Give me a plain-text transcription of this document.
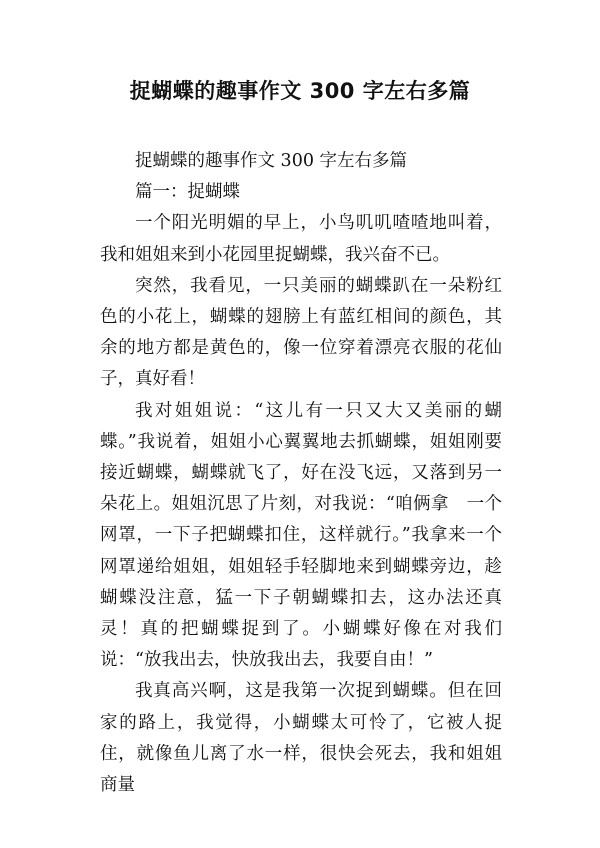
捉蝴蝶的趣事作文 300 字左右多篇

捉蝴蝶的趣事作文 300 字左右多篇

篇一：捉蝴蝶

一个阳光明媚的早上，小鸟叽叽喳喳地叫着，我和姐姐来到小花园里捉蝴蝶，我兴奋不已。

突然，我看见，一只美丽的蝴蝶趴在一朵粉红色的小花上，蝴蝶的翅膀上有蓝红相间的颜色，其余的地方都是黄色的，像一位穿着漂亮衣服的花仙子，真好看！

我对姐姐说：“这儿有一只又大又美丽的蝴蝶。”我说着，姐姐小心翼翼地去抓蝴蝶，姐姐刚要接近蝴蝶，蝴蝶就飞了，好在没飞远，又落到另一朵花上。姐姐沉思了片刻，对我说：“咱俩拿　一个网罩，一下子把蝴蝶扣住，这样就行。”我拿来一个网罩递给姐姐，姐姐轻手轻脚地来到蝴蝶旁边，趁蝴蝶没注意，猛一下子朝蝴蝶扣去，这办法还真灵！真的把蝴蝶捉到了。小蝴蝶好像在对我们 说：“放我出去，快放我出去，我要自由！”

我真高兴啊，这是我第一次捉到蝴蝶。但在回家的路上，我觉得，小蝴蝶太可怜了，它被人捉住，就像鱼儿离了水一样，很快会死去，我和姐姐商量
